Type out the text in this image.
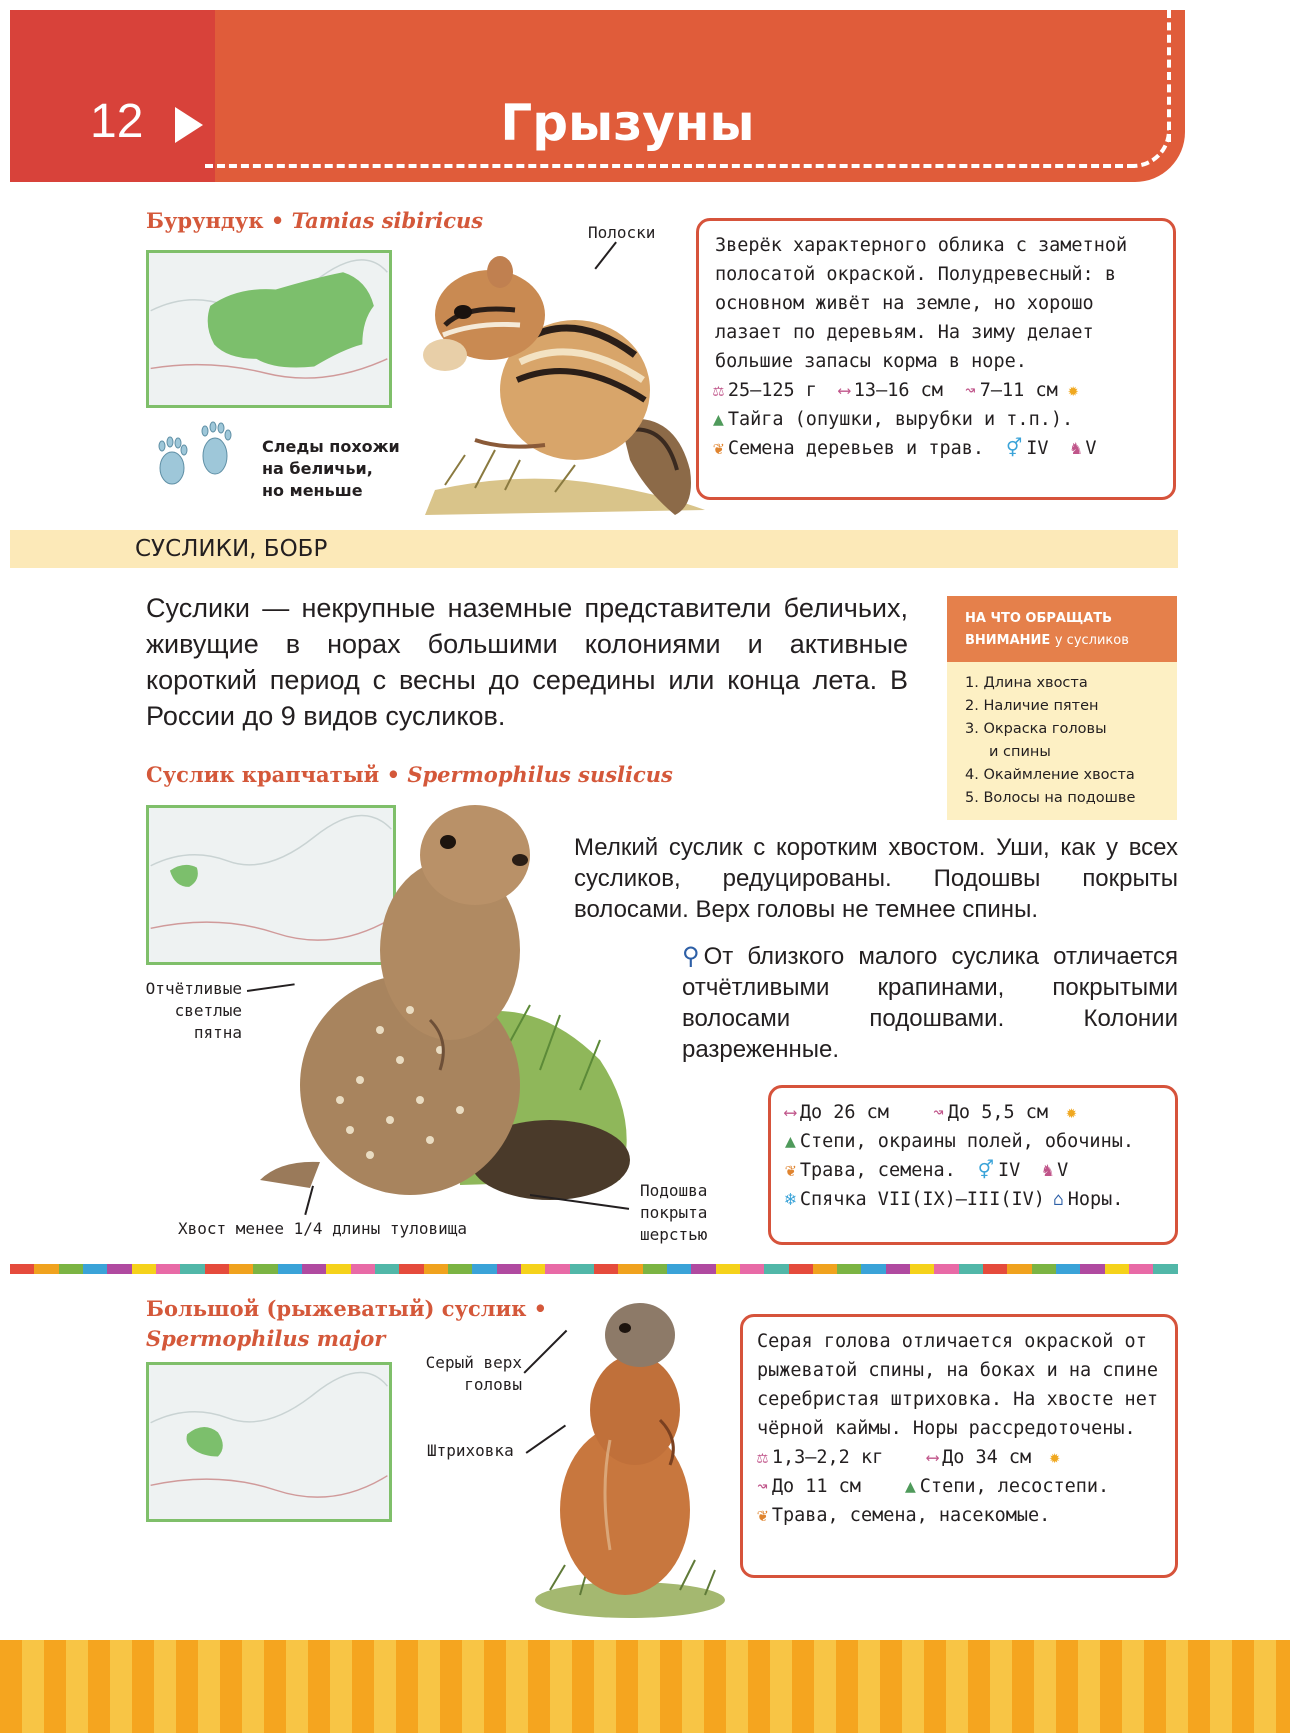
12	Грызуны
Бурундук • Tamias sibiricus
Следы похожи
на беличьи,
но меньше
Полоски

Зверёк характерного облика с заметной полосатой окраской. Полудревесный: в основном живёт на земле, но хорошо лазает по деревьям. На зиму делает большие запасы корма в норе.

⚖ 25–125 г ⟷ 13–16 см ↝ 7–11 см ✹
▲ Тайга (опушки, вырубки и т.п.).
❦ Семена деревьев и трав. ⚥ IV ♞ V
СУСЛИКИ, БОБР
Суслики — некрупные наземные представители беличьих, живущие в норах большими колониями и активные короткий период с весны до середины или конца лета. В России до 9 видов сусликов.
НА ЧТО ОБРАЩАТЬ
ВНИМАНИЕ у сусликов
1. Длина хвоста
2. Наличие пятен
3. Окраска головы
и спины
4. Окаймление хвоста
5. Волосы на подошве
Суслик крапчатый • Spermophilus suslicus
Отчётливые
светлые
пятна
Хвост менее 1/4 длины туловища
Подошва
покрыта
шерстью
Мелкий суслик с коротким хвостом. Уши, как у всех сусликов, редуцированы. Подошвы покрыты волосами. Верх головы не темнее спины.
⚲ От близкого малого суслика отличается отчётливыми крапинами, покрытыми волосами подошвами. Колонии разреженные.
⟷ До 26 см ↝ До 5,5 см ✹
▲ Степи, окраины полей, обочины.
❦ Трава, семена. ⚥ IV ♞ V
❄ Спячка VII(IX)–III(IV) ⌂ Норы.
Большой (рыжеватый) суслик •
Spermophilus major
Серый верх
головы
Штриховка

Серая голова отличается окраской от рыжеватой спины, на боках и на спине серебристая штриховка. На хвосте нет чёрной каймы. Норы рассредоточены.

⚖ 1,3–2,2 кг ⟷ До 34 см ✹
↝ До 11 см ▲ Степи, лесостепи.
❦ Трава, семена, насекомые.
